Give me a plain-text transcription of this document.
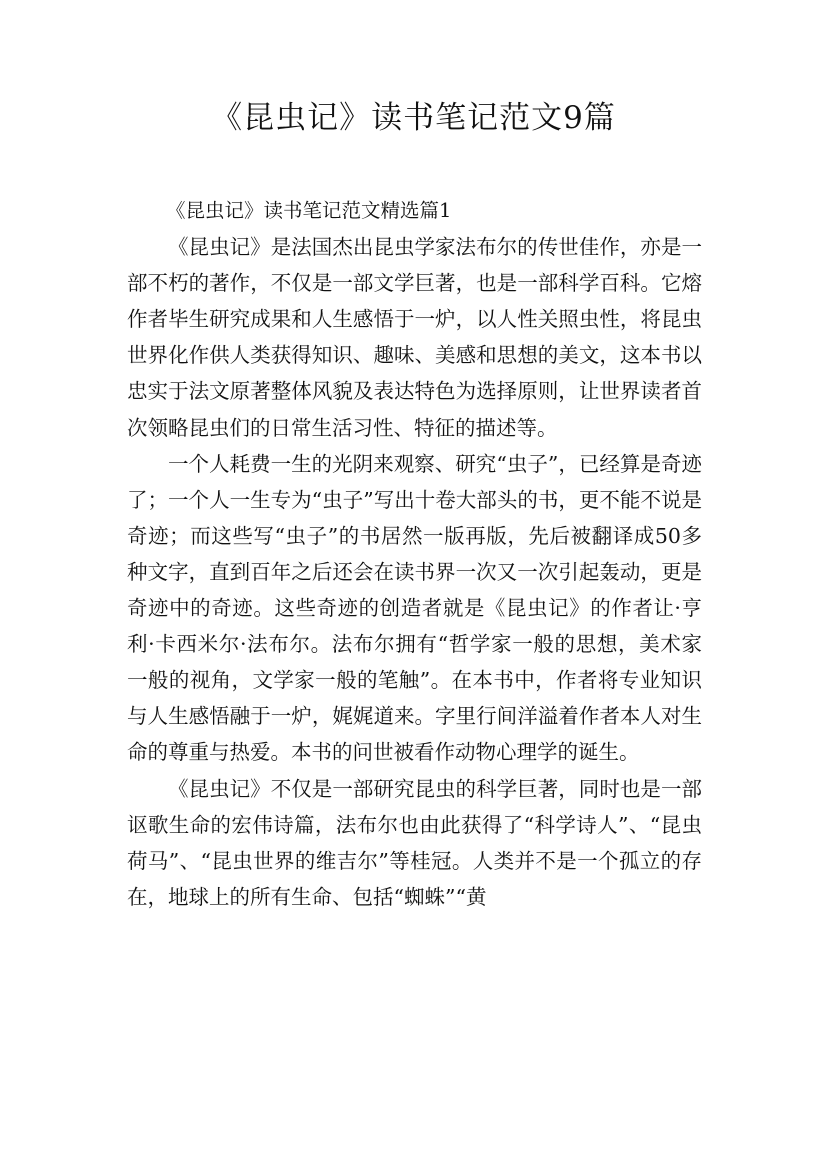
《昆虫记》读书笔记范文9篇

《昆虫记》读书笔记范文精选篇1

《昆虫记》是法国杰出昆虫学家法布尔的传世佳作，亦是一部不朽的著作，不仅是一部文学巨著，也是一部科学百科。它熔作者毕生研究成果和人生感悟于一炉，以人性关照虫性，将昆虫世界化作供人类获得知识、趣味、美感和思想的美文，这本书以忠实于法文原著整体风貌及表达特色为选择原则，让世界读者首次领略昆虫们的日常生活习性、特征的描述等。

一个人耗费一生的光阴来观察、研究“虫子”，已经算是奇迹了；一个人一生专为“虫子”写出十卷大部头的书，更不能不说是奇迹；而这些写“虫子”的书居然一版再版，先后被翻译成50多种文字，直到百年之后还会在读书界一次又一次引起轰动，更是奇迹中的奇迹。这些奇迹的创造者就是《昆虫记》的作者让·亨利·卡西米尔·法布尔。法布尔拥有“哲学家一般的思想，美术家一般的视角，文学家一般的笔触”。在本书中，作者将专业知识与人生感悟融于一炉，娓娓道来。字里行间洋溢着作者本人对生命的尊重与热爱。本书的问世被看作动物心理学的诞生。

《昆虫记》不仅是一部研究昆虫的科学巨著，同时也是一部讴歌生命的宏伟诗篇，法布尔也由此获得了“科学诗人”、“昆虫荷马”、“昆虫世界的维吉尔”等桂冠。人类并不是一个孤立的存在，地球上的所有生命、包括“蜘蛛”“黄
